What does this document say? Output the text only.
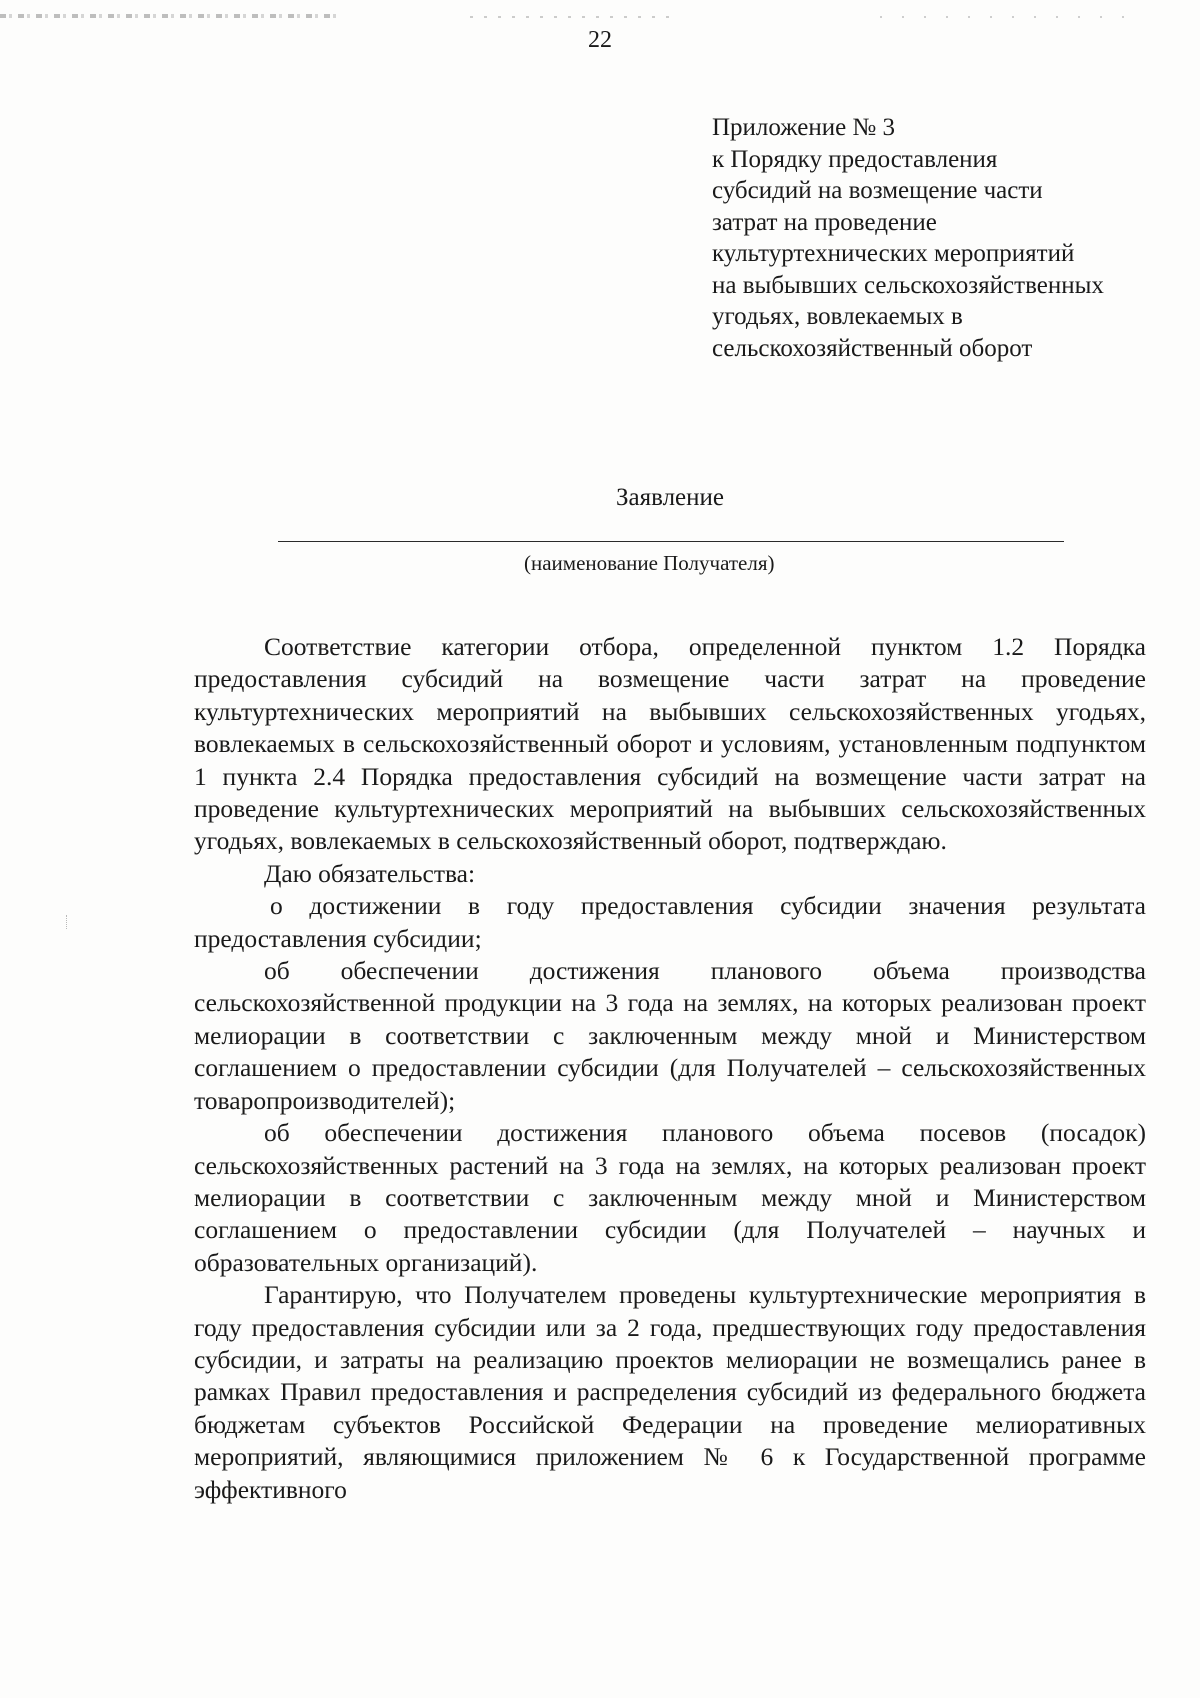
22
Приложение № 3
к Порядку предоставления
субсидий на возмещение части
затрат на проведение
культуртехнических мероприятий
на выбывших сельскохозяйственных
угодьях, вовлекаемых в
сельскохозяйственный оборот
Заявление
(наименование Получателя)

Соответствие категории отбора, определенной пунктом 1.2 Порядка предоставления субсидий на возмещение части затрат на проведение культуртехнических мероприятий на выбывших сельскохозяйственных угодьях, вовлекаемых в сельскохозяйственный оборот и условиям, установленным подпунктом 1 пункта 2.4 Порядка предоставления субсидий на возмещение части затрат на проведение культуртехнических мероприятий на выбывших сельскохозяйственных угодьях, вовлекаемых в сельскохозяйственный оборот, подтверждаю.

Даю обязательства:

о достижении в году предоставления субсидии значения результата предоставления субсидии;

об обеспечении достижения планового объема производства сельскохозяйственной продукции на 3 года на землях, на которых реализован проект мелиорации в соответствии с заключенным между мной и Министерством соглашением о предоставлении субсидии (для Получателей – сельскохозяйственных товаропроизводителей);

об обеспечении достижения планового объема посевов (посадок) сельскохозяйственных растений на 3 года на землях, на которых реализован проект мелиорации в соответствии с заключенным между мной и Министерством соглашением о предоставлении субсидии (для Получателей – научных и образовательных организаций).

Гарантирую, что Получателем проведены культуртехнические мероприятия в году предоставления субсидии или за 2 года, предшествующих году предоставления субсидии, и затраты на реализацию проектов мелиорации не возмещались ранее в рамках Правил предоставления и распределения субсидий из федерального бюджета бюджетам субъектов Российской Федерации на проведение мелиоративных мероприятий, являющимися приложением № 6 к Государственной программе эффективного
